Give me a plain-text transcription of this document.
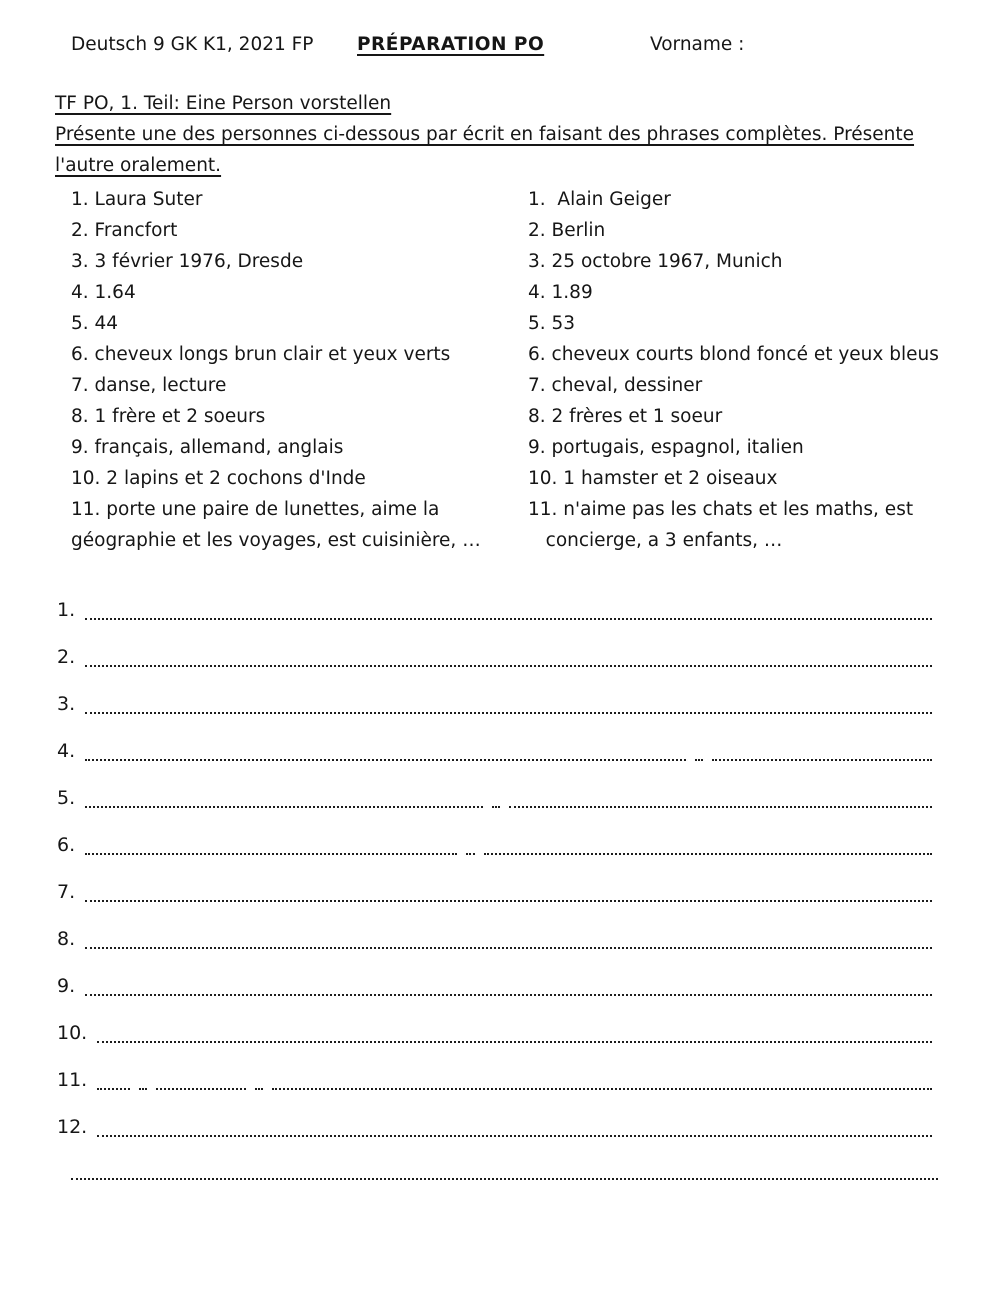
Deutsch 9 GK K1, 2021 FP PRÉPARATION PO	Vorname :
TF PO, 1. Teil: Eine Person vorstellen
Présente une des personnes ci-dessous par écrit en faisant des phrases complètes. Présente
l'autre oralement.
1. Laura Suter
2. Francfort
3. 3 février 1976, Dresde
4. 1.64
5. 44
6. cheveux longs brun clair et yeux verts
7. danse, lecture
8. 1 frère et 2 soeurs
9. français, allemand, anglais
10. 2 lapins et 2 cochons d'Inde
11. porte une paire de lunettes, aime la
géographie et les voyages, est cuisinière, …
1.  Alain Geiger
2. Berlin
3. 25 octobre 1967, Munich
4. 1.89
5. 53
6. cheveux courts blond foncé et yeux bleus
7. cheval, dessiner
8. 2 frères et 1 soeur
9. portugais, espagnol, italien
10. 1 hamster et 2 oiseaux
11. n'aime pas les chats et les maths, est
concierge, a 3 enfants, …
1.
2.
3.
4.
5.
6.
7.
8.
9.
10.
11.
12.
